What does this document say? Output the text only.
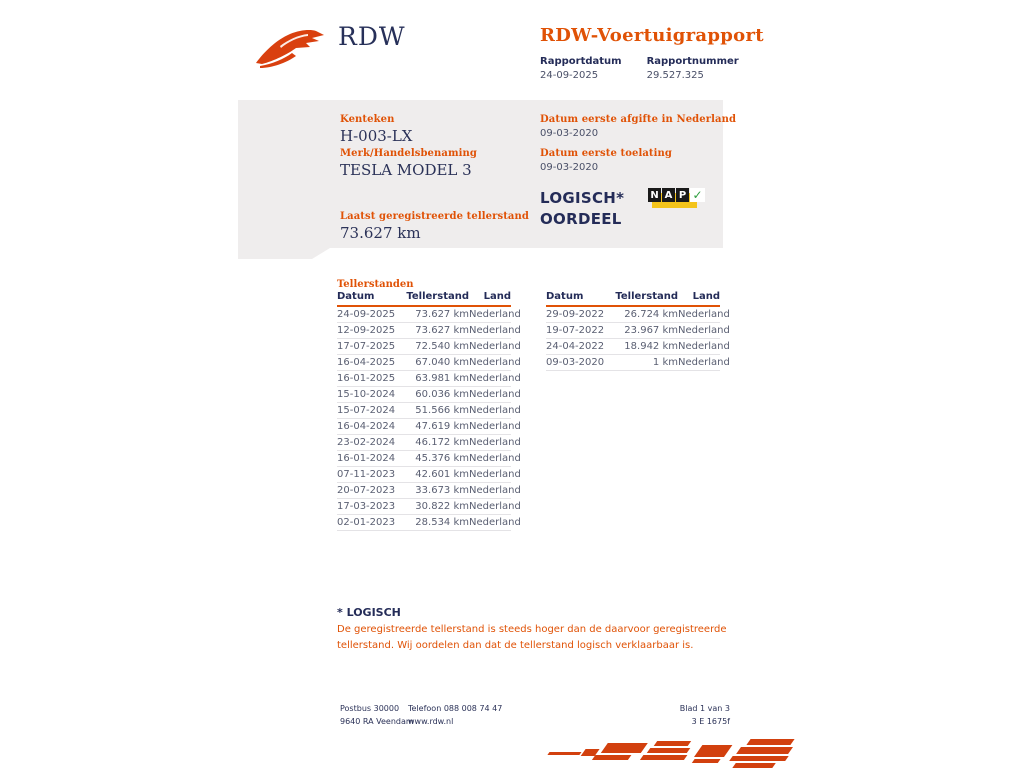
RDW	RDW-Voertuigrapport
Rapportdatum
24-09-2025
Rapportnummer
29.527.325
Kenteken
H-003-LX
Merk/Handelsbenaming
TESLA MODEL 3
Laatst geregistreerde tellerstand
73.627 km
Datum eerste afgifte in Nederland
09-03-2020
Datum eerste toelating
09-03-2020
LOGISCH*
OORDEEL
N A P ✓
Tellerstanden
Datum	Tellerstand	Land
24-09-2025	73.627 km	Nederland
12-09-2025	73.627 km	Nederland
17-07-2025	72.540 km	Nederland
16-04-2025	67.040 km	Nederland
16-01-2025	63.981 km	Nederland
15-10-2024	60.036 km	Nederland
15-07-2024	51.566 km	Nederland
16-04-2024	47.619 km	Nederland
23-02-2024	46.172 km	Nederland
16-01-2024	45.376 km	Nederland
07-11-2023	42.601 km	Nederland
20-07-2023	33.673 km	Nederland
17-03-2023	30.822 km	Nederland
02-01-2023	28.534 km	Nederland
Datum	Tellerstand	Land
29-09-2022	26.724 km	Nederland
19-07-2022	23.967 km	Nederland
24-04-2022	18.942 km	Nederland
09-03-2020	1 km	Nederland
* LOGISCH
De geregistreerde tellerstand is steeds hoger dan de daarvoor geregistreerde tellerstand. Wij oordelen dan dat de tellerstand logisch verklaarbaar is.
Postbus 30000
9640 RA Veendam
Telefoon 088 008 74 47
www.rdw.nl
Blad 1 van 3
3 E 1675f
